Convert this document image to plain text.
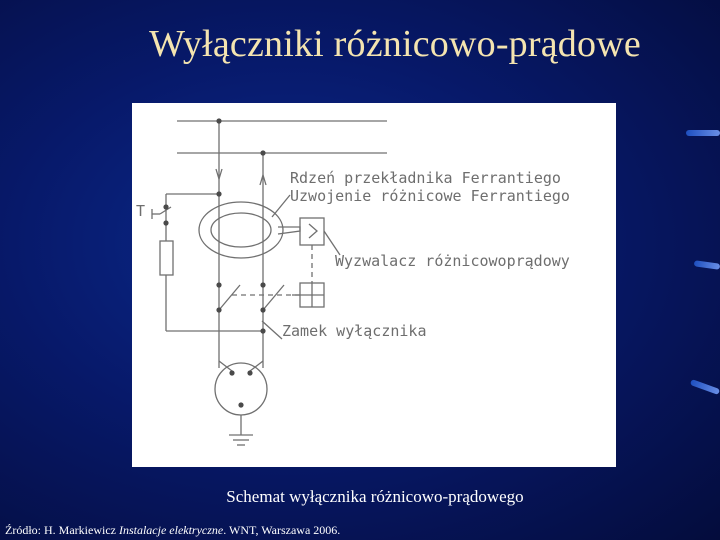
Wyłączniki różnicowo-prądowe
T
Rdzeń przekładnika Ferrantiego
Uzwojenie różnicowe Ferrantiego
Wyzwalacz różnicowoprądowy
Zamek wyłącznika
Schemat wyłącznika różnicowo-prądowego
Źródło: H. Markiewicz Instalacje elektryczne. WNT, Warszawa 2006.
